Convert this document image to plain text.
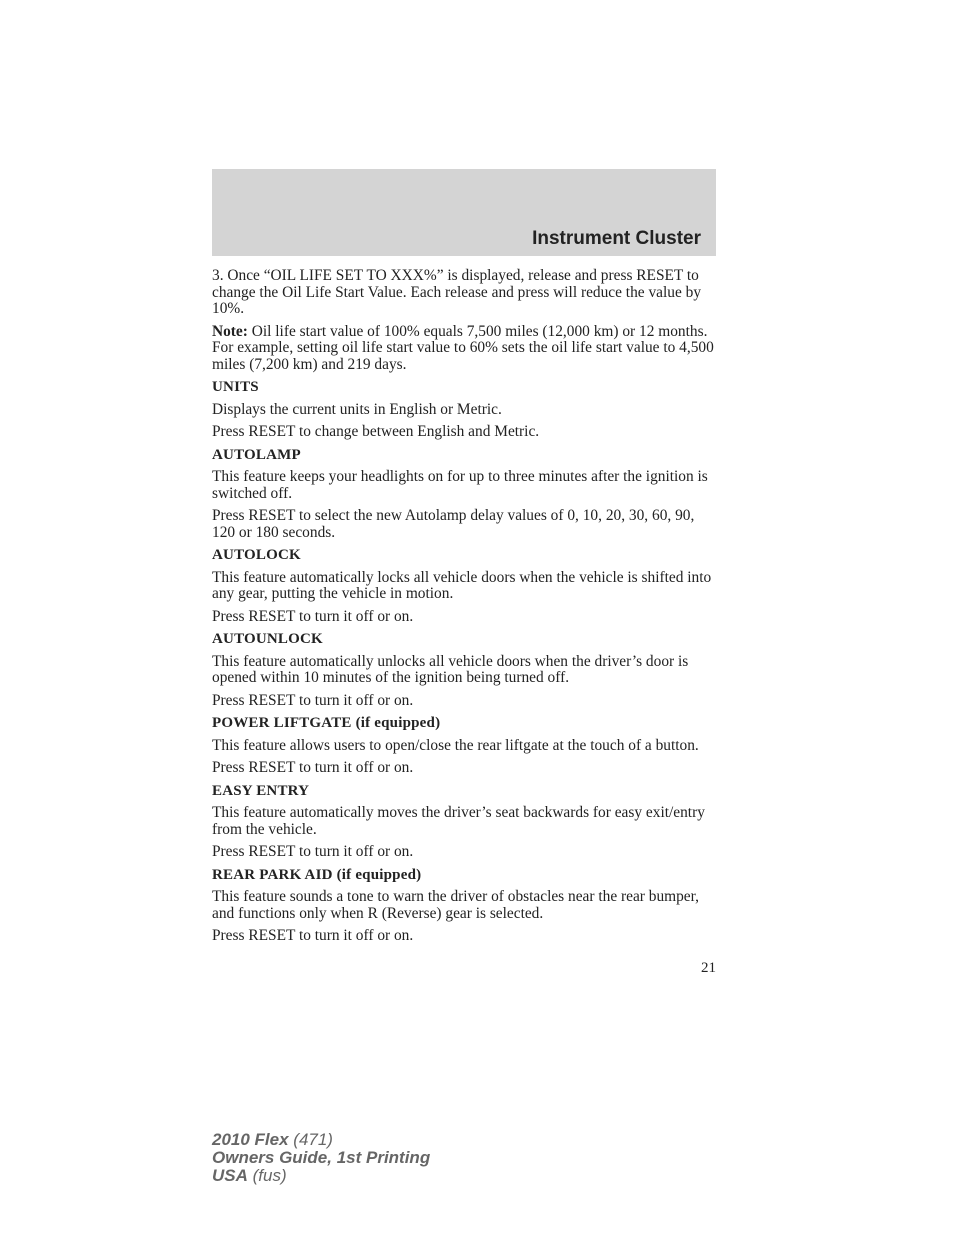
Instrument Cluster

3. Once “OIL LIFE SET TO XXX%” is displayed, release and press RESET to change the Oil Life Start Value. Each release and press will reduce the value by 10%.

Note: Oil life start value of 100% equals 7,500 miles (12,000 km) or 12 months. For example, setting oil life start value to 60% sets the oil life start value to 4,500 miles (7,200 km) and 219 days.

UNITS

Displays the current units in English or Metric.

Press RESET to change between English and Metric.

AUTOLAMP

This feature keeps your headlights on for up to three minutes after the ignition is switched off.

Press RESET to select the new Autolamp delay values of 0, 10, 20, 30, 60, 90, 120 or 180 seconds.

AUTOLOCK

This feature automatically locks all vehicle doors when the vehicle is shifted into any gear, putting the vehicle in motion.

Press RESET to turn it off or on.

AUTOUNLOCK

This feature automatically unlocks all vehicle doors when the driver’s door is opened within 10 minutes of the ignition being turned off.

Press RESET to turn it off or on.

POWER LIFTGATE (if equipped)

This feature allows users to open/close the rear liftgate at the touch of a button.

Press RESET to turn it off or on.

EASY ENTRY

This feature automatically moves the driver’s seat backwards for easy exit/entry from the vehicle.

Press RESET to turn it off or on.

REAR PARK AID (if equipped)

This feature sounds a tone to warn the driver of obstacles near the rear bumper, and functions only when R (Reverse) gear is selected.

Press RESET to turn it off or on.

21
2010 Flex (471)
Owners Guide, 1st Printing
USA (fus)
